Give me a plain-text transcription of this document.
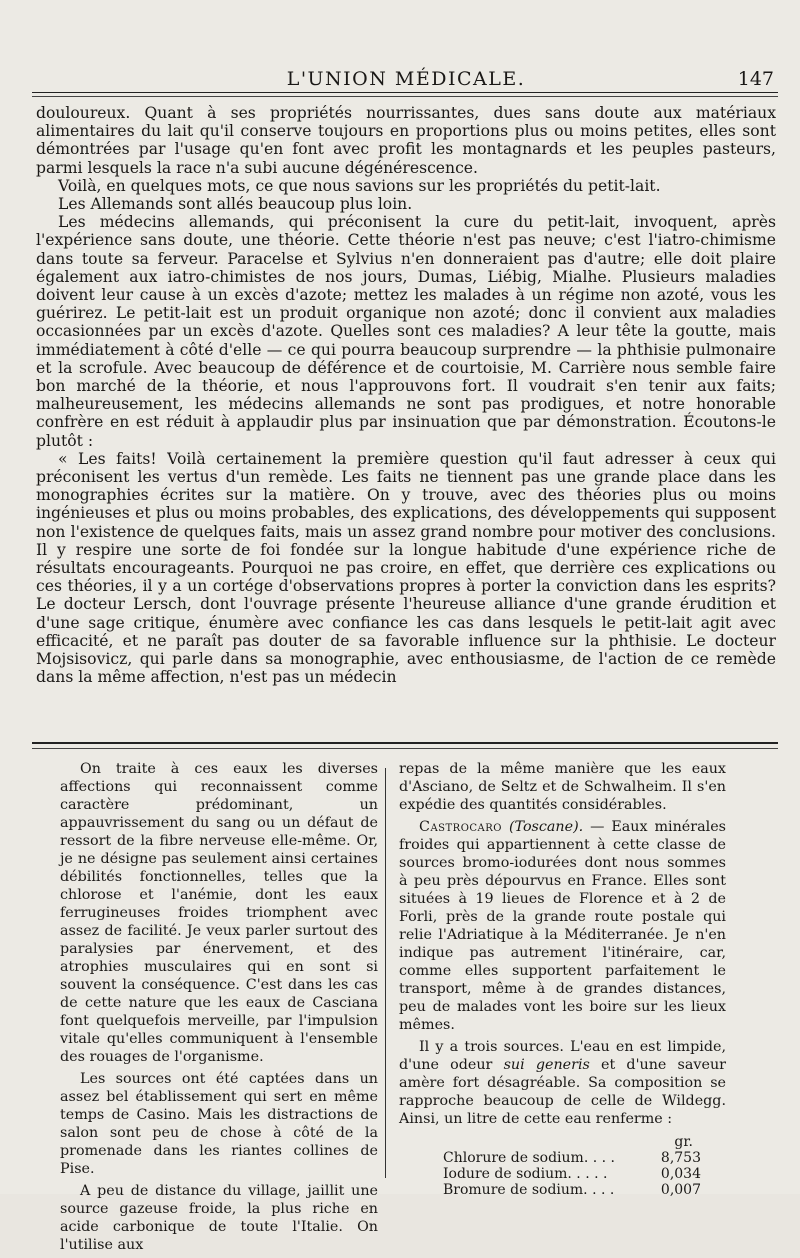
L'UNION MÉDICALE.	147

douloureux. Quant à ses propriétés nourrissantes, dues sans doute aux matériaux alimentaires du lait qu'il conserve toujours en proportions plus ou moins petites, elles sont démontrées par l'usage qu'en font avec profit les montagnards et les peuples pasteurs, parmi lesquels la race n'a subi aucune dégénérescence.

Voilà, en quelques mots, ce que nous savions sur les propriétés du petit-lait.

Les Allemands sont allés beaucoup plus loin.

Les médecins allemands, qui préconisent la cure du petit-lait, invoquent, après l'expérience sans doute, une théorie. Cette théorie n'est pas neuve; c'est l'iatro-chimisme dans toute sa ferveur. Paracelse et Sylvius n'en donneraient pas d'autre; elle doit plaire également aux iatro-chimistes de nos jours, Dumas, Liébig, Mialhe. Plusieurs maladies doivent leur cause à un excès d'azote; mettez les malades à un régime non azoté, vous les guérirez. Le petit-lait est un produit organique non azoté; donc il convient aux maladies occasionnées par un excès d'azote. Quelles sont ces maladies? A leur tête la goutte, mais immédiatement à côté d'elle — ce qui pourra beaucoup surprendre — la phthisie pulmonaire et la scrofule. Avec beaucoup de déférence et de courtoisie, M. Carrière nous semble faire bon marché de la théorie, et nous l'approuvons fort. Il voudrait s'en tenir aux faits; malheureusement, les médecins allemands ne sont pas prodigues, et notre honorable confrère en est réduit à applaudir plus par insinuation que par démonstration. Écoutons-le plutôt :

« Les faits! Voilà certainement la première question qu'il faut adresser à ceux qui préconisent les vertus d'un remède. Les faits ne tiennent pas une grande place dans les monographies écrites sur la matière. On y trouve, avec des théories plus ou moins ingénieuses et plus ou moins probables, des explications, des développements qui supposent non l'existence de quelques faits, mais un assez grand nombre pour motiver des conclusions. Il y respire une sorte de foi fondée sur la longue habitude d'une expérience riche de résultats encourageants. Pourquoi ne pas croire, en effet, que derrière ces explications ou ces théories, il y a un cortége d'observations propres à porter la conviction dans les esprits? Le docteur Lersch, dont l'ouvrage présente l'heureuse alliance d'une grande érudition et d'une sage critique, énumère avec confiance les cas dans lesquels le petit-lait agit avec efficacité, et ne paraît pas douter de sa favorable influence sur la phthisie. Le docteur Mojsisovicz, qui parle dans sa monographie, avec enthousiasme, de l'action de ce remède dans la même affection, n'est pas un médecin

On traite à ces eaux les diverses affections qui reconnaissent comme caractère prédominant, un appauvrissement du sang ou un défaut de ressort de la fibre nerveuse elle-même. Or, je ne désigne pas seulement ainsi certaines débilités fonctionnelles, telles que la chlorose et l'anémie, dont les eaux ferrugineuses froides triomphent avec assez de facilité. Je veux parler surtout des paralysies par énervement, et des atrophies musculaires qui en sont si souvent la conséquence. C'est dans les cas de cette nature que les eaux de Casciana font quelquefois merveille, par l'impulsion vitale qu'elles communiquent à l'ensemble des rouages de l'organisme.

Les sources ont été captées dans un assez bel établissement qui sert en même temps de Casino. Mais les distractions de salon sont peu de chose à côté de la promenade dans les riantes collines de Pise.

A peu de distance du village, jaillit une source gazeuse froide, la plus riche en acide carbonique de toute l'Italie. On l'utilise aux

repas de la même manière que les eaux d'Asciano, de Seltz et de Schwalheim. Il s'en expédie des quantités considérables.

Castrocaro (Toscane). — Eaux minérales froides qui appartiennent à cette classe de sources bromo-iodurées dont nous sommes à peu près dépourvus en France. Elles sont situées à 19 lieues de Florence et à 2 de Forli, près de la grande route postale qui relie l'Adriatique à la Méditerranée. Je n'en indique pas autrement l'itinéraire, car, comme elles supportent parfaitement le transport, même à de grandes distances, peu de malades vont les boire sur les lieux mêmes.

Il y a trois sources. L'eau en est limpide, d'une odeur sui generis et d'une saveur amère fort désagréable. Sa composition se rapproche beaucoup de celle de Wildegg. Ainsi, un litre de cette eau renferme :

gr.
Chlorure de sodium. . . .	8,753
Iodure de sodium. . . . .	0,034
Bromure de sodium. . . .	0,007
